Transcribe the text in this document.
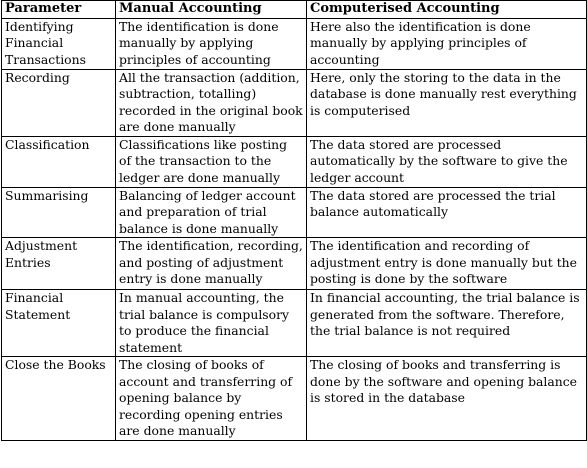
Parameter	Manual Accounting	Computerised Accounting
Identifying Financial Transactions	The identification is done manually by applying principles of accounting	Here also the identification is done manually by applying principles of accounting
Recording	All the transaction (addition, subtraction, totalling) recorded in the original book are done manually	Here, only the storing to the data in the database is done manually rest everything is computerised
Classification	Classifications like posting of the transaction to the ledger are done manually	The data stored are processed automatically by the software to give the ledger account
Summarising	Balancing of ledger account and preparation of trial balance is done manually	The data stored are processed the trial balance automatically
Adjustment Entries	The identification, recording, and posting of adjustment entry is done manually	The identification and recording of adjustment entry is done manually but the posting is done by the software
Financial Statement	In manual accounting, the trial balance is compulsory to produce the financial statement	In financial accounting, the trial balance is generated from the software. Therefore, the trial balance is not required
Close the Books	The closing of books of account and transferring of opening balance by recording opening entries are done manually	The closing of books and transferring is done by the software and opening balance is stored in the database
